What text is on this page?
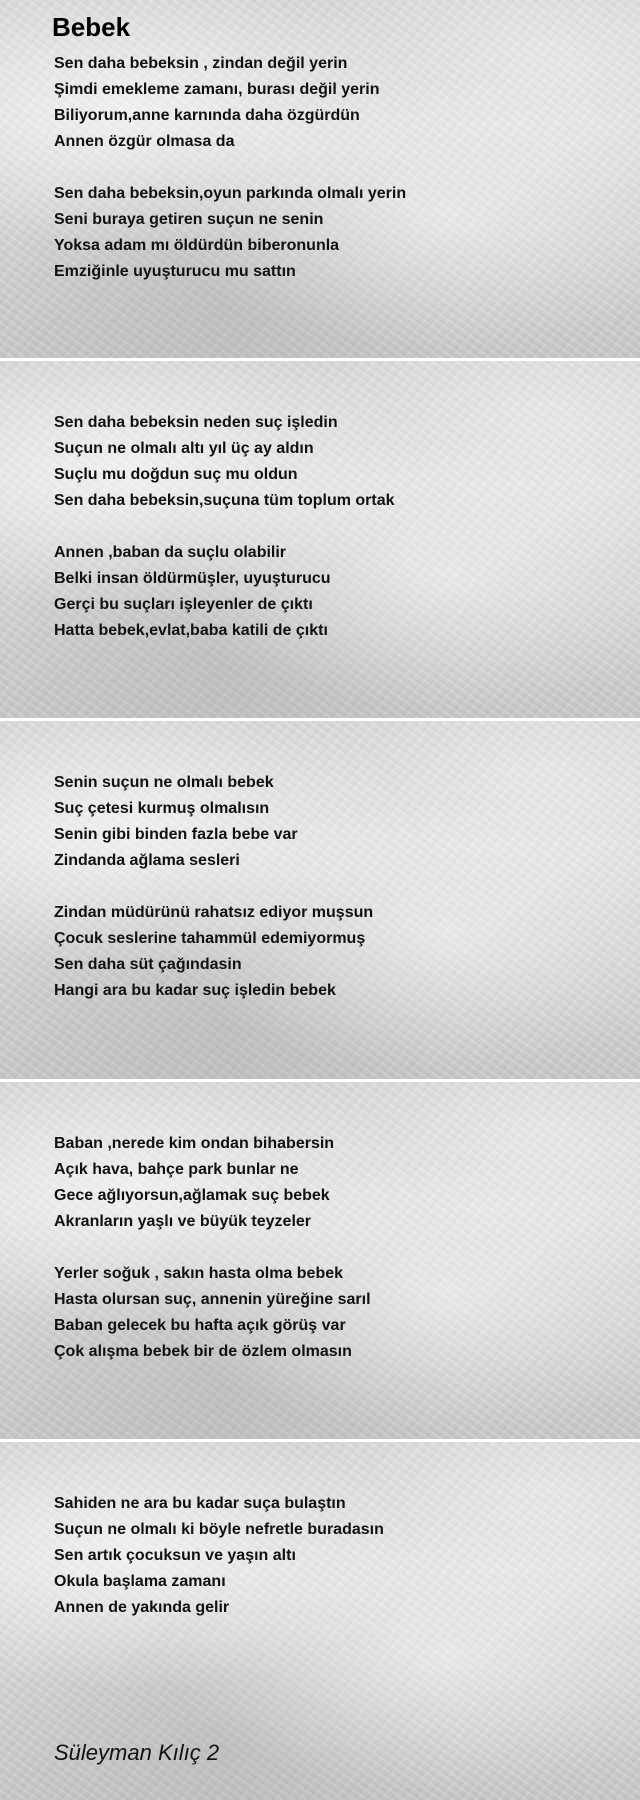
Bebek
Sen daha bebeksin , zindan değil yerin
Şimdi emekleme zamanı, burası değil yerin
Biliyorum,anne karnında daha özgürdün
Annen özgür olmasa da
Sen daha bebeksin,oyun parkında olmalı yerin
Seni buraya getiren suçun ne senin
Yoksa adam mı öldürdün biberonunla
Emziğinle uyuşturucu mu sattın
Sen daha bebeksin neden suç işledin
Suçun ne olmalı altı yıl üç ay aldın
Suçlu mu doğdun suç mu oldun
Sen daha bebeksin,suçuna tüm toplum ortak
Annen ,baban da suçlu olabilir
Belki insan öldürmüşler, uyuşturucu
Gerçi bu suçları işleyenler de çıktı
Hatta bebek,evlat,baba katili de çıktı
Senin suçun ne olmalı bebek
Suç çetesi kurmuş olmalısın
Senin gibi binden fazla bebe var
Zindanda ağlama sesleri
Zindan müdürünü rahatsız ediyor muşsun
Çocuk seslerine tahammül edemiyormuş
Sen daha süt çağındasin
Hangi ara bu kadar suç işledin bebek
Baban ,nerede kim ondan bihabersin
Açık hava, bahçe park bunlar ne
Gece ağlıyorsun,ağlamak suç bebek
Akranların yaşlı ve büyük teyzeler
Yerler soğuk , sakın hasta olma bebek
Hasta olursan suç, annenin yüreğine sarıl
Baban gelecek bu hafta açık görüş var
Çok alışma bebek bir de özlem olmasın
Sahiden ne ara bu kadar suça bulaştın
Suçun ne olmalı ki böyle nefretle buradasın
Sen artık çocuksun ve yaşın altı
Okula başlama zamanı
Annen de yakında gelir
Süleyman Kılıç 2
